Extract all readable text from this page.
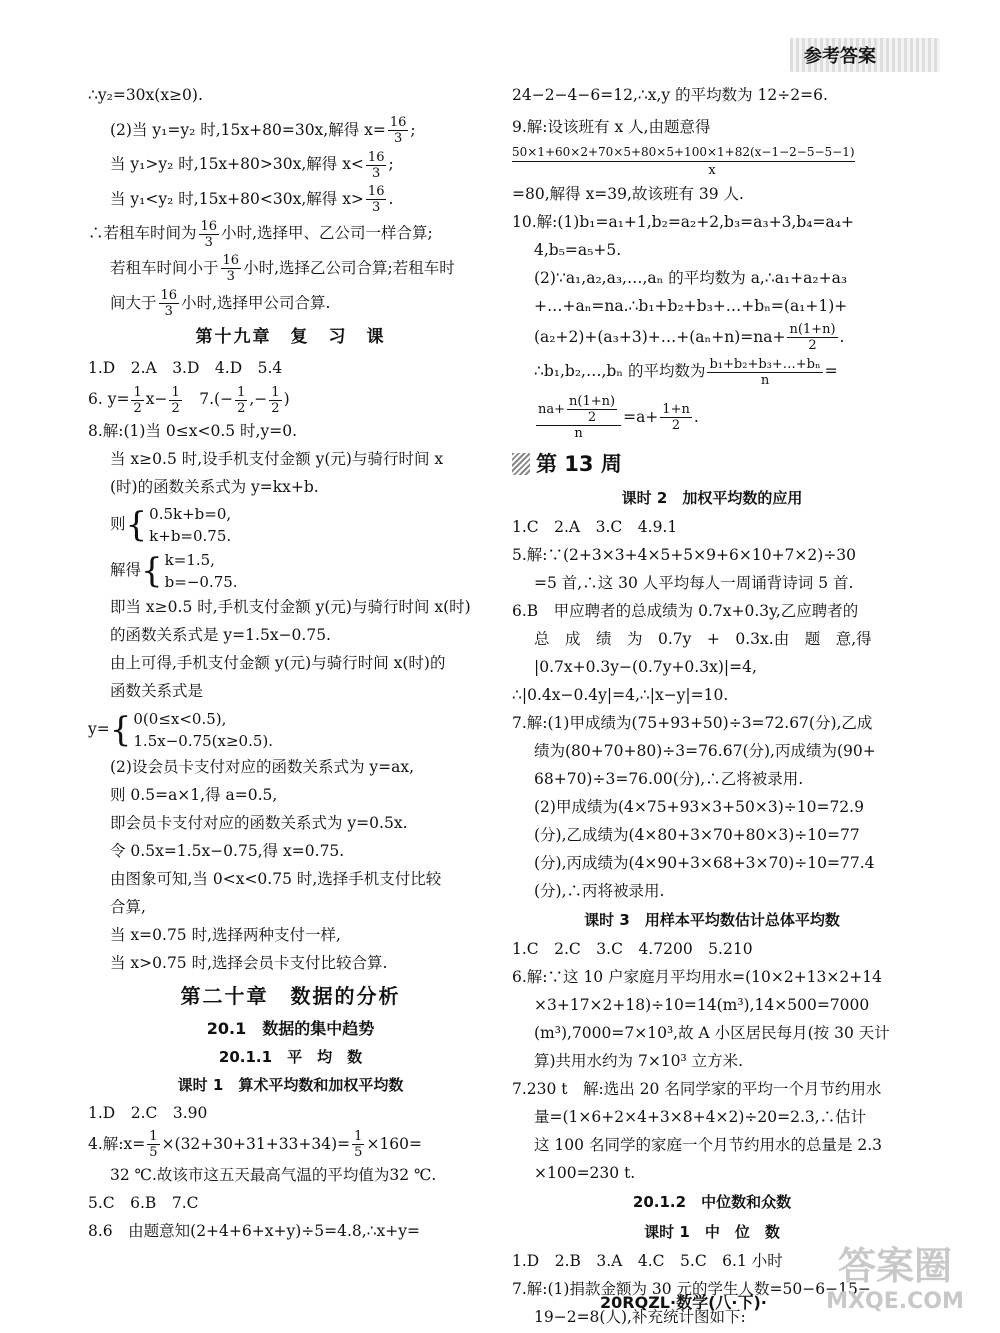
参考答案
∴y₂=30x(x≥0).
(2)当 y₁=y₂ 时,15x+80=30x,解得 $x= \frac{16}{3}$ ;
当 y₁>y₂ 时,15x+80>30x,解得 $x< \frac{16}{3}$ ;
当 y₁<y₂ 时,15x+80<30x,解得 $x> \frac{16}{3}$ .
∴若租车时间为 $\frac{16}{3}$ 小时,选择甲、乙公司一样合算;
若租车时间小于 $\frac{16}{3}$ 小时,选择乙公司合算;若租车时
间大于 $\frac{16}{3}$ 小时,选择甲公司合算.
第十九章　复　习　课
1.D　2.A　3.D　4.D　5.4
6. $y= \frac{1}{2} x- \frac{1}{2}$ 　$7.(- \frac{1}{2}$ ,− $\frac{1}{2}$ )
8.解:(1)当 0≤x<0.5 时,y=0.
当 x≥0.5 时,设手机支付金额 y(元)与骑行时间 x
(时)的函数关系式为 y=kx+b.
则{ 0.5k+b=0,
k+b=0.75.
解得{ k=1.5,
b=−0.75.
即当 x≥0.5 时,手机支付金额 y(元)与骑行时间 x(时)
的函数关系式是 y=1.5x−0.75.
由上可得,手机支付金额 y(元)与骑行时间 x(时)的
函数关系式是
y={ 0(0≤x<0.5),
1.5x−0.75(x≥0.5).
(2)设会员卡支付对应的函数关系式为 y=ax,
则 0.5=a×1,得 a=0.5,
即会员卡支付对应的函数关系式为 y=0.5x.
令 0.5x=1.5x−0.75,得 x=0.75.
由图象可知,当 0<x<0.75 时,选择手机支付比较
合算,
当 x=0.75 时,选择两种支付一样,
当 x>0.75 时,选择会员卡支付比较合算.
第二十章　数据的分析
20.1　数据的集中趋势
20.1.1　平　均　数
课时 1　算术平均数和加权平均数
1.D　2.C　3.90
4.解:x= $\frac{1}{5} \times(32+30+31+33+34)= \frac{1}{5} \times 160=$
32 ℃.故该市这五天最高气温的平均值为32 ℃.
5.C　6.B　7.C
8.6　由题意知(2+4+6+x+y)÷5=4.8,∴x+y=
24−2−4−6=12,∴x,y 的平均数为 12÷2=6.
9.解:设该班有 x 人,由题意得
50×1+60×2+70×5+80×5+100×1+82(x−1−2−5−5−1)
x
=80,解得 x=39,故该班有 39 人.
10.解:(1)b₁=a₁+1,b₂=a₂+2,b₃=a₃+3,b₄=a₄+
4,b₅=a₅+5.
(2)∵a₁,a₂,a₃,…,aₙ 的平均数为 a,∴a₁+a₂+a₃
+…+aₙ=na.∴b₁+b₂+b₃+…+bₙ=(a₁+1)+
(a₂+2)+(a₃+3)+…+(aₙ+n)=na+ $\frac{n(1+n)}{2}$ .
∴b₁,b₂,…,bₙ 的平均数为 $\frac{\text{b₁+b₂+b₃+…+bₙ}}{n}$ =
$\frac{na+ \frac{n(1+n)}{2}}{n} =a+ \frac{1+n}{2}$ .
第 13 周
课时 2　加权平均数的应用
1.C　2.A　3.C　4.9.1
5.解:∵(2+3×3+4×5+5×9+6×10+7×2)÷30
=5 首,∴这 30 人平均每人一周诵背诗词 5 首.
6.B　甲应聘者的总成绩为 0.7x+0.3y,乙应聘者的
总　成　绩　为　0.7y　+　0.3x.由　题　意,得
|0.7x+0.3y−(0.7y+0.3x)|=4,
∴|0.4x−0.4y|=4,∴|x−y|=10.
7.解:(1)甲成绩为(75+93+50)÷3=72.67(分),乙成
绩为(80+70+80)÷3=76.67(分),丙成绩为(90+
68+70)÷3=76.00(分),∴乙将被录用.
(2)甲成绩为(4×75+93×3+50×3)÷10=72.9
(分),乙成绩为(4×80+3×70+80×3)÷10=77
(分),丙成绩为(4×90+3×68+3×70)÷10=77.4
(分),∴丙将被录用.
课时 3　用样本平均数估计总体平均数
1.C　2.C　3.C　4.7200　5.210
6.解:∵这 10 户家庭月平均用水=(10×2+13×2+14
×3+17×2+18)÷10=14(m³),14×500=7000
(m³),7000=7×10³,故 A 小区居民每月(按 30 天计
算)共用水约为 7×10³ 立方米.
7.230 t　解:选出 20 名同学家的平均一个月节约用水
量=(1×6+2×4+3×8+4×2)÷20=2.3,∴估计
这 100 名同学的家庭一个月节约用水的总量是 2.3
×100=230 t.
20.1.2　中位数和众数
课时 1　中　位　数
1.D　2.B　3.A　4.C　5.C　6.1 小时
7.解:(1)捐款金额为 30 元的学生人数=50−6−15−
19−2=8(人),补充统计图如下:
20RQZL·数学(八·下)·
答案圈
MXQE.COM
